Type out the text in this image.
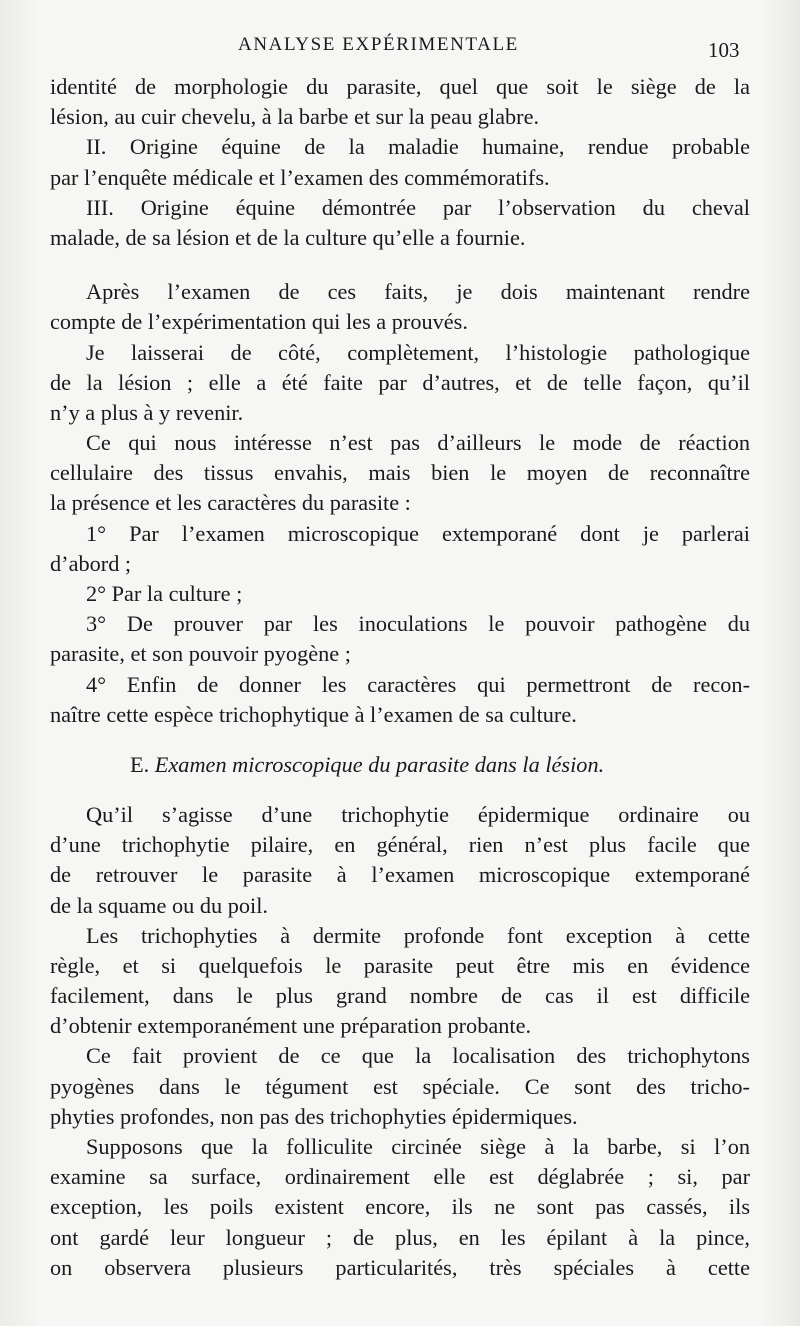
ANALYSE EXPÉRIMENTALE	103
identité de morphologie du parasite, quel que soit le siège de la
lésion, au cuir chevelu, à la barbe et sur la peau glabre.
II. Origine équine de la maladie humaine, rendue probable
par l’enquête médicale et l’examen des commémoratifs.
III. Origine équine démontrée par l’observation du cheval
malade, de sa lésion et de la culture qu’elle a fournie.
Après l’examen de ces faits, je dois maintenant rendre
compte de l’expérimentation qui les a prouvés.
Je laisserai de côté, complètement, l’histologie pathologique
de la lésion ; elle a été faite par d’autres, et de telle façon, qu’il
n’y a plus à y revenir.
Ce qui nous intéresse n’est pas d’ailleurs le mode de réaction
cellulaire des tissus envahis, mais bien le moyen de reconnaître
la présence et les caractères du parasite :
1° Par l’examen microscopique extemporané dont je parlerai
d’abord ;
2° Par la culture ;
3° De prouver par les inoculations le pouvoir pathogène du
parasite, et son pouvoir pyogène ;
4° Enfin de donner les caractères qui permettront de recon-
naître cette espèce trichophytique à l’examen de sa culture.
E. Examen microscopique du parasite dans la lésion.
Qu’il s’agisse d’une trichophytie épidermique ordinaire ou
d’une trichophytie pilaire, en général, rien n’est plus facile que
de retrouver le parasite à l’examen microscopique extemporané
de la squame ou du poil.
Les trichophyties à dermite profonde font exception à cette
règle, et si quelquefois le parasite peut être mis en évidence
facilement, dans le plus grand nombre de cas il est difficile
d’obtenir extemporanément une préparation probante.
Ce fait provient de ce que la localisation des trichophytons
pyogènes dans le tégument est spéciale. Ce sont des tricho-
phyties profondes, non pas des trichophyties épidermiques.
Supposons que la folliculite circinée siège à la barbe, si l’on
examine sa surface, ordinairement elle est déglabrée ; si, par
exception, les poils existent encore, ils ne sont pas cassés, ils
ont gardé leur longueur ; de plus, en les épilant à la pince,
on observera plusieurs particularités, très spéciales à cette
